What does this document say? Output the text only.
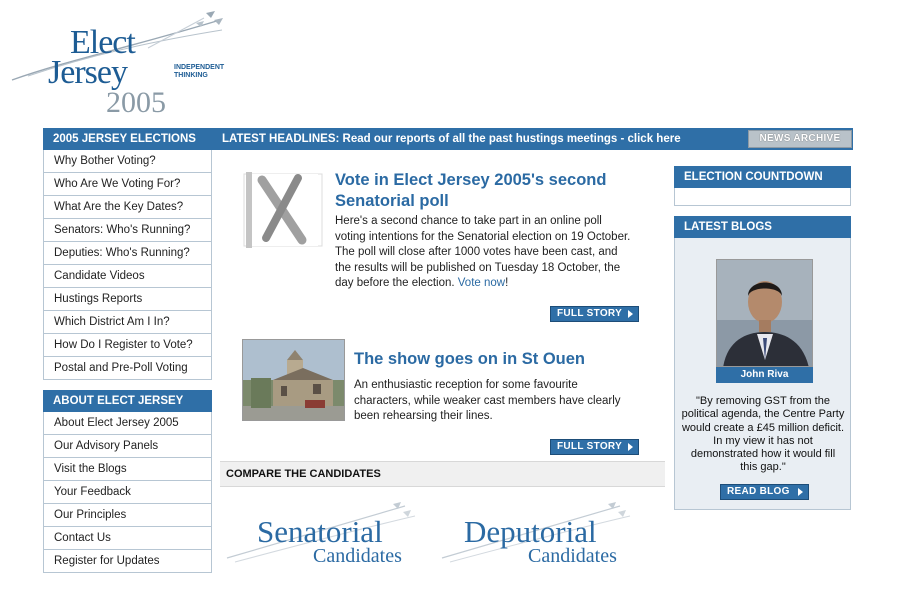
Elect
Jersey	INDEPENDENT
THINKING
2005
2005 JERSEY ELECTIONS
Why Bother Voting?
Who Are We Voting For?
What Are the Key Dates?
Senators: Who's Running?
Deputies: Who's Running?
Candidate Videos
Hustings Reports
Which District Am I In?
How Do I Register to Vote?
Postal and Pre-Poll Voting
ABOUT ELECT JERSEY
About Elect Jersey 2005
Our Advisory Panels
Visit the Blogs
Your Feedback
Our Principles
Contact Us
Register for Updates
LATEST HEADLINES: Read our reports of all the past hustings meetings - click here	NEWS ARCHIVE
Vote in Elect Jersey 2005's second Senatorial poll
Here's a second chance to take part in an online poll voting intentions for the Senatorial election on 19 October. The poll will close after 1000 votes have been cast, and the results will be published on Tuesday 18 October, the day before the election. Vote now!
FULL STORY
The show goes on in St Ouen
An enthusiastic reception for some favourite characters, while weaker cast members have clearly been rehearsing their lines.
FULL STORY
COMPARE THE CANDIDATES
Senatorial
Candidates
Deputorial
Candidates
ELECTION COUNTDOWN
LATEST BLOGS
John Riva
"By removing GST from the political agenda, the Centre Party would create a £45 million deficit. In my view it has not demonstrated how it would fill this gap."
READ BLOG
